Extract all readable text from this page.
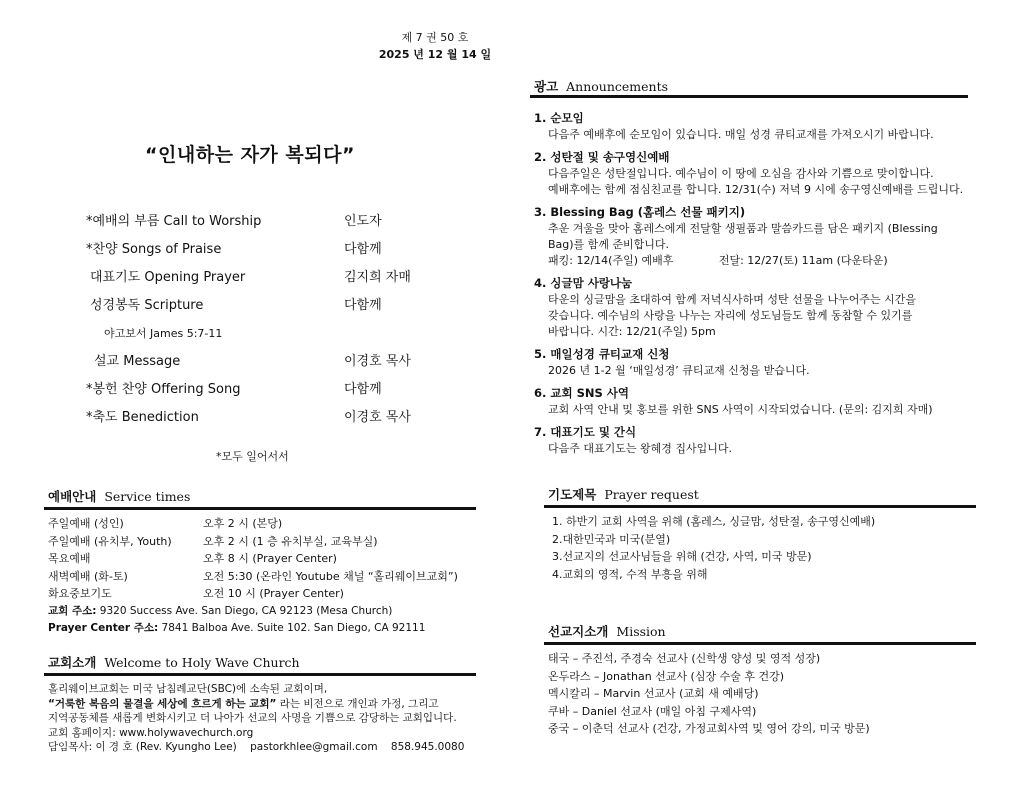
제 7 권 50 호
2025 년 12 월 14 일
“인내하는 자가 복되다”
*예배의 부름 Call to Worship	인도자
*찬양 Songs of Praise	다함께
대표기도 Opening Prayer	김지희 자매
성경봉독 Scripture	다함께
야고보서 James 5:7-11
설교 Message	이경호 목사
*봉헌 찬양 Offering Song	다함께
*축도 Benediction	이경호 목사
*모두 일어서서
예배안내 Service times
주일예배 (성인)	오후 2 시 (본당)
주일예배 (유치부, Youth)	오후 2 시 (1 층 유치부실, 교육부실)
목요예배	오후 8 시 (Prayer Center)
새벽예배 (화-토)	오전 5:30 (온라인 Youtube 채널 “홀리웨이브교회”)
화요중보기도	오전 10 시 (Prayer Center)
교회 주소: 9320 Success Ave. San Diego, CA 92123 (Mesa Church)
Prayer Center 주소: 7841 Balboa Ave. Suite 102. San Diego, CA 92111
교회소개 Welcome to Holy Wave Church
홀리웨이브교회는 미국 남침례교단(SBC)에 소속된 교회이며,
“거룩한 복음의 물결을 세상에 흐르게 하는 교회” 라는 비전으로 개인과 가정, 그리고
지역공동체를 새롭게 변화시키고 더 나아가 선교의 사명을 기쁨으로 감당하는 교회입니다.
교회 홈페이지: www.holywavechurch.org
담임목사: 이 경 호 (Rev. Kyungho Lee) pastorkhlee@gmail.com 858.945.0080
광고 Announcements
1. 순모임
다음주 예배후에 순모임이 있습니다. 매일 성경 큐티교재를 가져오시기 바랍니다.
2. 성탄절 및 송구영신예배
다음주일은 성탄절입니다. 예수님이 이 땅에 오심을 감사와 기쁨으로 맞이합니다.
예배후에는 함께 점심친교를 합니다. 12/31(수) 저녁 9 시에 송구영신예배를 드립니다.
3. Blessing Bag (홈레스 선물 패키지)
추운 겨울을 맞아 홈레스에게 전달할 생필품과 말씀카드를 담은 패키지 (Blessing
Bag)를 함께 준비합니다.
패킹: 12/14(주일) 예배후             전달: 12/27(토) 11am (다운타운)
4. 싱글맘 사랑나눔
타운의 싱글맘을 초대하여 함께 저녁식사하며 성탄 선물을 나누어주는 시간을
갖습니다. 예수님의 사랑을 나누는 자리에 성도님들도 함께 동참할 수 있기를
바랍니다. 시간: 12/21(주일) 5pm
5. 매일성경 큐티교재 신청
2026 년 1-2 월 ‘매일성경’ 큐티교재 신청을 받습니다.
6. 교회 SNS 사역
교회 사역 안내 및 홍보를 위한 SNS 사역이 시작되었습니다. (문의: 김지희 자매)
7. 대표기도 및 간식
다음주 대표기도는 왕혜경 집사입니다.
기도제목 Prayer request
1. 하반기 교회 사역을 위해 (홈레스, 싱글맘, 성탄절, 송구영신예배)
2.대한민국과 미국(분열)
3.선교지의 선교사님들을 위해 (건강, 사역, 미국 방문)
4.교회의 영적, 수적 부흥을 위해
선교지소개 Mission
태국 – 주진석, 주경숙 선교사 (신학생 양성 및 영적 성장)
온두라스 – Jonathan 선교사 (심장 수술 후 건강)
멕시칼리 – Marvin 선교사 (교회 새 예배당)
쿠바 – Daniel 선교사 (매일 아침 구제사역)
중국 – 이춘덕 선교사 (건강, 가정교회사역 및 영어 강의, 미국 방문)
